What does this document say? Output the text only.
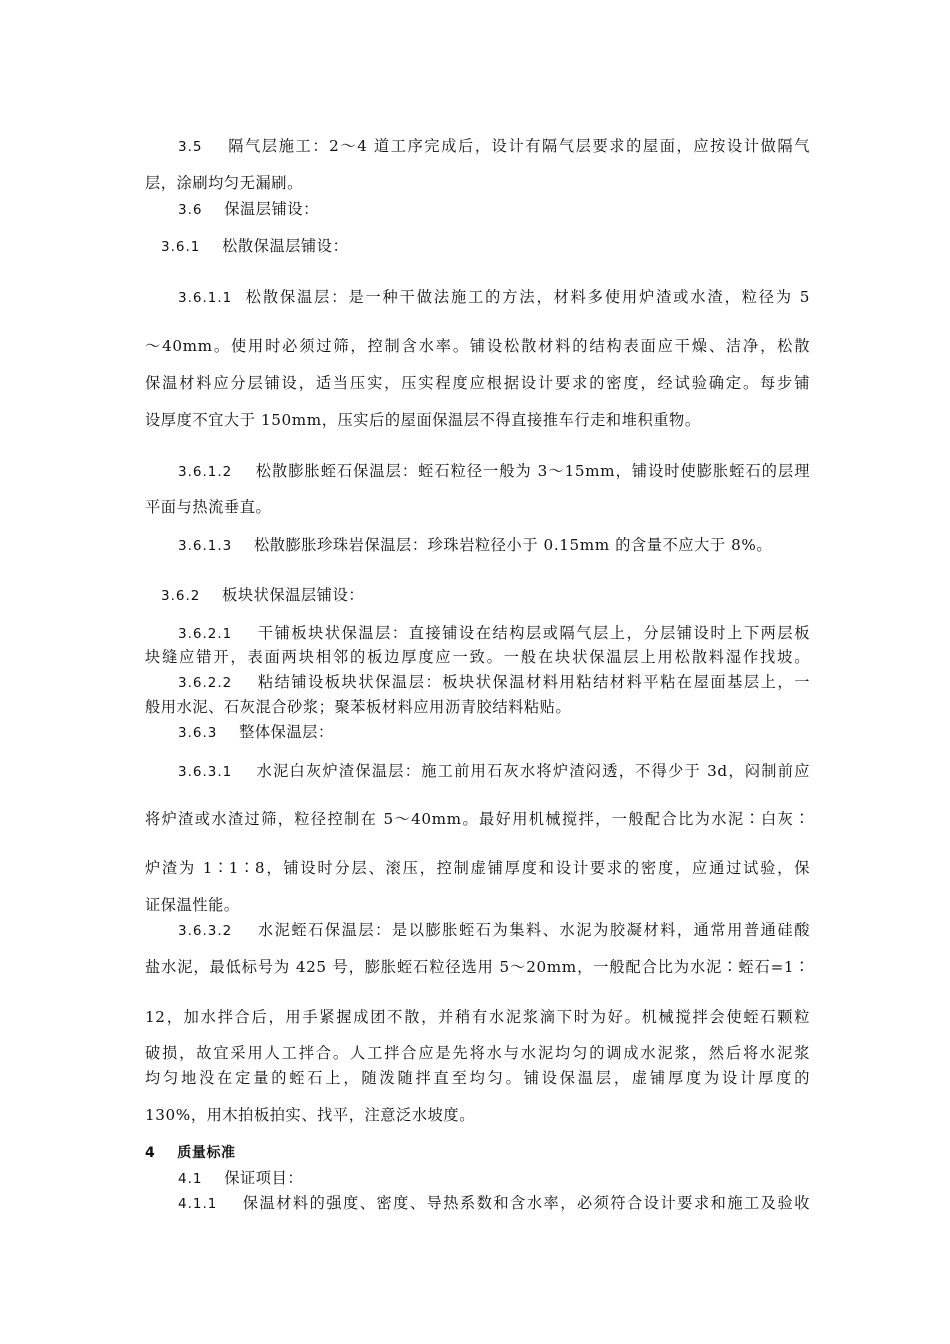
3.5 隔气层施工：2～4 道工序完成后，设计有隔气层要求的屋面，应按设计做隔气
层，涂刷均匀无漏刷。
3.6 保温层铺设：
3.6.1 松散保温层铺设：
3.6.1.1 松散保温层：是一种干做法施工的方法，材料多使用炉渣或水渣，粒径为 5
～40mm。使用时必须过筛，控制含水率。铺设松散材料的结构表面应干燥、洁净，松散
保温材料应分层铺设，适当压实，压实程度应根据设计要求的密度，经试验确定。每步铺
设厚度不宜大于 150mm，压实后的屋面保温层不得直接推车行走和堆积重物。
3.6.1.2 松散膨胀蛭石保温层：蛭石粒径一般为 3～15mm，铺设时使膨胀蛭石的层理
平面与热流垂直。
3.6.1.3 松散膨胀珍珠岩保温层：珍珠岩粒径小于 0.15mm 的含量不应大于 8%。
3.6.2 板块状保温层铺设：
3.6.2.1 干铺板块状保温层：直接铺设在结构层或隔气层上，分层铺设时上下两层板
块缝应错开，表面两块相邻的板边厚度应一致。一般在块状保温层上用松散料湿作找坡。
3.6.2.2 粘结铺设板块状保温层：板块状保温材料用粘结材料平粘在屋面基层上，一
般用水泥、石灰混合砂浆；聚苯板材料应用沥青胶结料粘贴。
3.6.3 整体保温层：
3.6.3.1 水泥白灰炉渣保温层：施工前用石灰水将炉渣闷透，不得少于 3d，闷制前应
将炉渣或水渣过筛，粒径控制在 5～40mm。最好用机械搅拌，一般配合比为水泥∶白灰∶
炉渣为 1∶1∶8，铺设时分层、滚压，控制虚铺厚度和设计要求的密度，应通过试验，保
证保温性能。
3.6.3.2 水泥蛭石保温层：是以膨胀蛭石为集料、水泥为胶凝材料，通常用普通硅酸
盐水泥，最低标号为 425 号，膨胀蛭石粒径选用 5～20mm，一般配合比为水泥∶蛭石=1∶
12，加水拌合后，用手紧握成团不散，并稍有水泥浆滴下时为好。机械搅拌会使蛭石颗粒
破损，故宜采用人工拌合。人工拌合应是先将水与水泥均匀的调成水泥浆，然后将水泥浆
均匀地没在定量的蛭石上，随泼随拌直至均匀。铺设保温层，虚铺厚度为设计厚度的
130%，用木拍板拍实、找平，注意泛水坡度。
4 质量标准
4.1 保证项目：
4.1.1 保温材料的强度、密度、导热系数和含水率，必须符合设计要求和施工及验收
